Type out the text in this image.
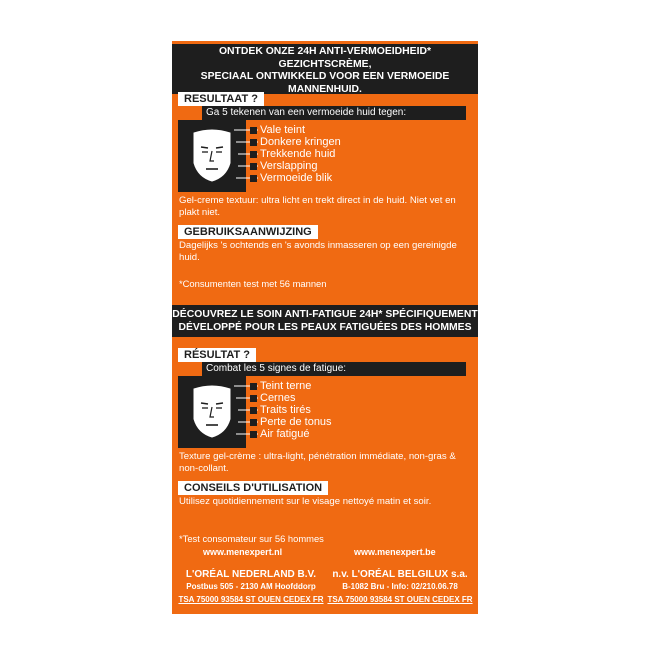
ONTDEK ONZE 24H ANTI-VERMOEIDHEID* GEZICHTSCRÈME,
SPECIAAL ONTWIKKELD VOOR EEN VERMOEIDE
MANNENHUID.
RESULTAAT ?
Ga 5 tekenen van een vermoeide huid tegen:
Vale teint
Donkere kringen
Trekkende huid
Verslapping
Vermoeide blik
Gel-creme textuur: ultra licht en trekt direct in de huid. Niet vet en plakt niet.
GEBRUIKSAANWIJZING
Dagelijks 's ochtends en 's avonds inmasseren op een gereinigde huid.
*Consumenten test met 56 mannen
DÉCOUVREZ LE SOIN ANTI-FATIGUE 24H* SPÉCIFIQUEMENT
DÉVELOPPÉ POUR LES PEAUX FATIGUÉES DES HOMMES
RÉSULTAT ?
Combat les 5 signes de fatigue:
Teint terne
Cernes
Traits tirés
Perte de tonus
Air fatigué
Texture gel-crème : ultra-light, pénétration immédiate, non-gras & non-collant.
CONSEILS D'UTILISATION
Utilisez quotidiennement sur le visage nettoyé matin et soir.
*Test consomateur sur 56 hommes
www.menexpert.nl	www.menexpert.be
L'ORÉAL NEDERLAND B.V.
Postbus 505 - 2130 AM Hoofddorp
TSA 75000 93584 ST OUEN CEDEX FR
n.v. L'ORÉAL BELGILUX s.a.
B-1082 Bru - Info: 02/210.06.78
TSA 75000 93584 ST OUEN CEDEX FR
